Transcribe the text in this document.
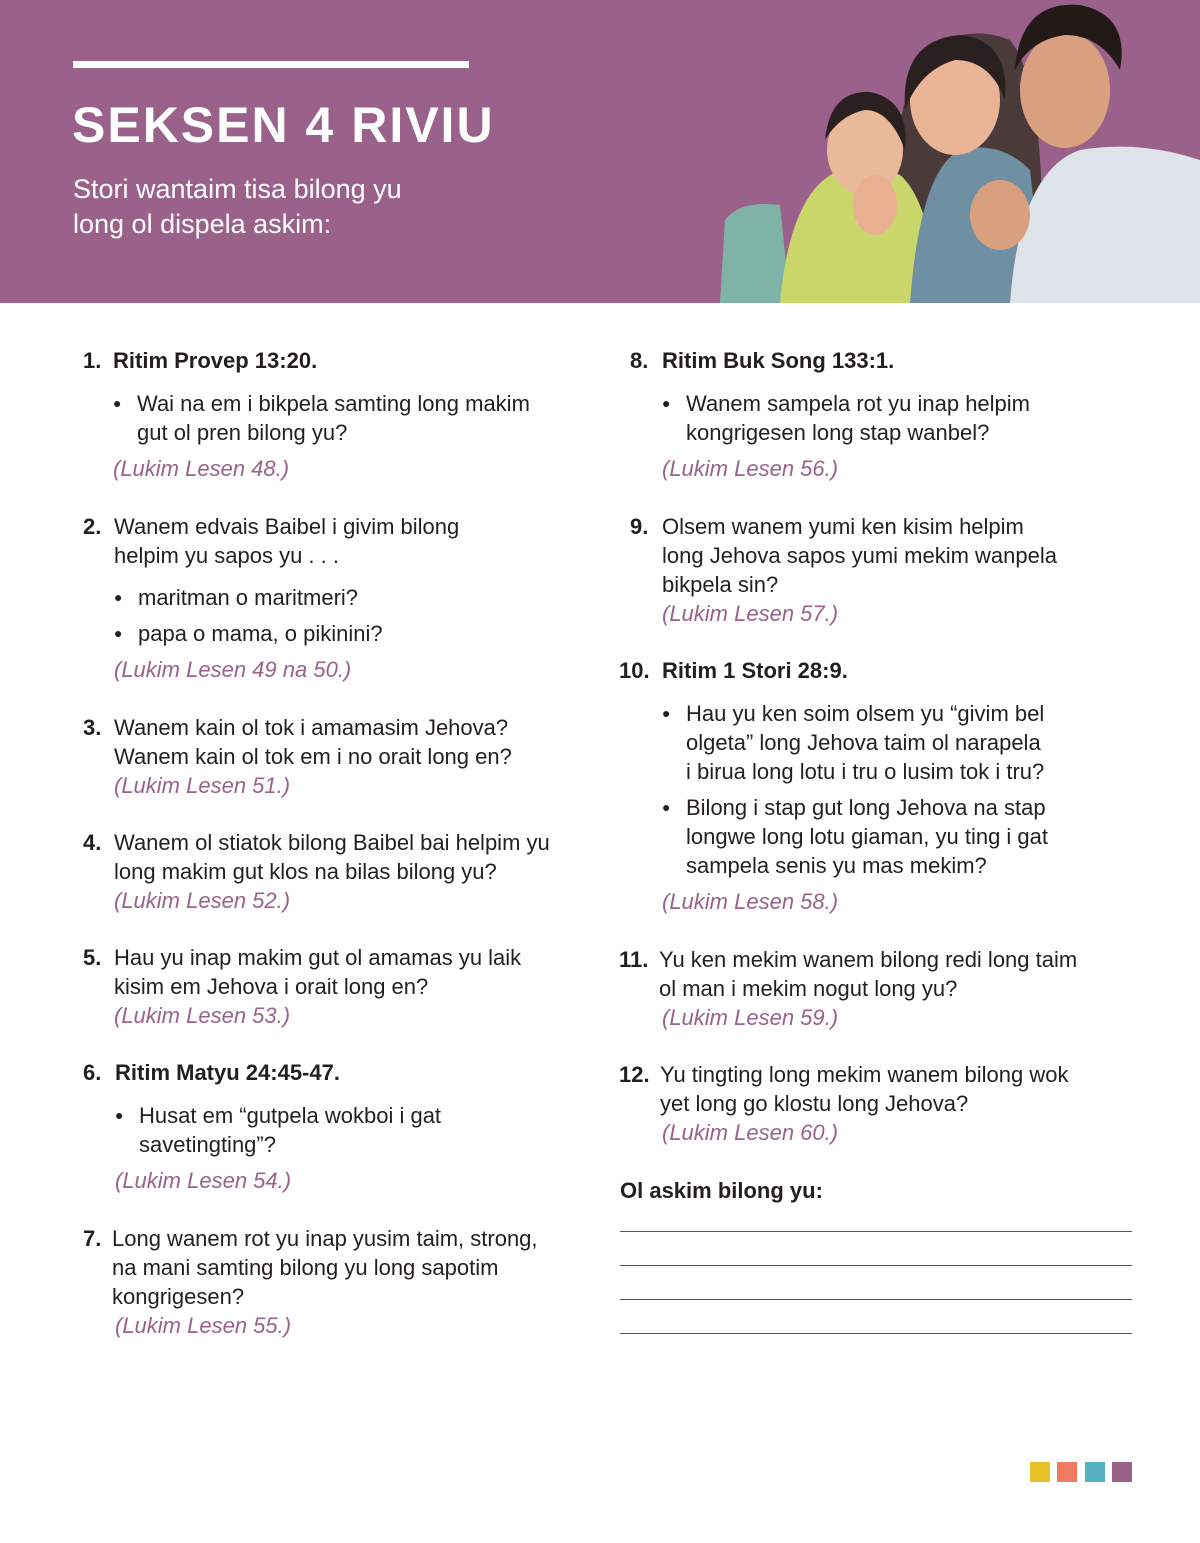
SEKSEN 4 RIVIU
Stori wantaim tisa bilong yu
long ol dispela askim:
1. Ritim Provep 13:20.
● Wai na em i bikpela samting long makim
gut ol pren bilong yu?
(Lukim Lesen 48.)
2. Wanem edvais Baibel i givim bilong
helpim yu sapos yu . . .
● maritman o maritmeri?
● papa o mama, o pikinini?
(Lukim Lesen 49 na 50.)
3. Wanem kain ol tok i amamasim Jehova?
Wanem kain ol tok em i no orait long en?
(Lukim Lesen 51.)
4. Wanem ol stiatok bilong Baibel bai helpim yu
long makim gut klos na bilas bilong yu?
(Lukim Lesen 52.)
5. Hau yu inap makim gut ol amamas yu laik
kisim em Jehova i orait long en?
(Lukim Lesen 53.)
6. Ritim Matyu 24:45-47.
● Husat em “gutpela wokboi i gat
savetingting”?
(Lukim Lesen 54.)
7. Long wanem rot yu inap yusim taim, strong,
na mani samting bilong yu long sapotim
kongrigesen?
(Lukim Lesen 55.)
8. Ritim Buk Song 133:1.
● Wanem sampela rot yu inap helpim
kongrigesen long stap wanbel?
(Lukim Lesen 56.)
9. Olsem wanem yumi ken kisim helpim
long Jehova sapos yumi mekim wanpela
bikpela sin?
(Lukim Lesen 57.)
10. Ritim 1 Stori 28:9.
● Hau yu ken soim olsem yu “givim bel
olgeta” long Jehova taim ol narapela
i birua long lotu i tru o lusim tok i tru?
● Bilong i stap gut long Jehova na stap
longwe long lotu giaman, yu ting i gat
sampela senis yu mas mekim?
(Lukim Lesen 58.)
11. Yu ken mekim wanem bilong redi long taim
ol man i mekim nogut long yu?
(Lukim Lesen 59.)
12. Yu tingting long mekim wanem bilong wok
yet long go klostu long Jehova?
(Lukim Lesen 60.)
Ol askim bilong yu:
